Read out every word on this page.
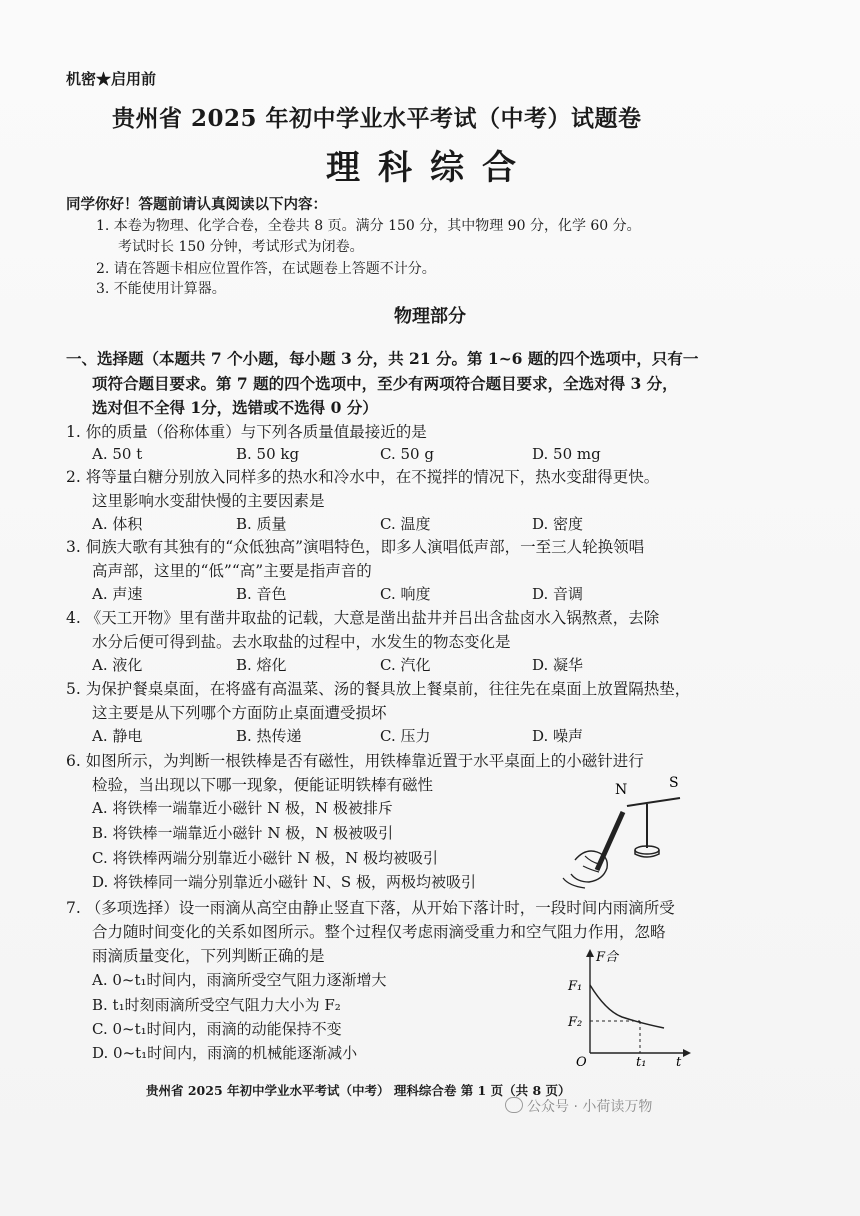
机密★启用前
贵州省 2025 年初中学业水平考试（中考）试题卷
理科综合
同学你好！答题前请认真阅读以下内容：
1. 本卷为物理、化学合卷，全卷共 8 页。满分 150 分，其中物理 90 分，化学 60 分。
考试时长 150 分钟，考试形式为闭卷。
2. 请在答题卡相应位置作答，在试题卷上答题不计分。
3. 不能使用计算器。
物理部分
一、选择题（本题共 7 个小题，每小题 3 分，共 21 分。第 1~6 题的四个选项中，只有一
项符合题目要求。第 7 题的四个选项中，至少有两项符合题目要求，全选对得 3 分，
选对但不全得 1分，选错或不选得 0 分）
1. 你的质量（俗称体重）与下列各质量值最接近的是
A. 50 t	B. 50 kg	C. 50 g	D. 50 mg
2. 将等量白糖分别放入同样多的热水和冷水中，在不搅拌的情况下，热水变甜得更快。
这里影响水变甜快慢的主要因素是
A. 体积	B. 质量	C. 温度	D. 密度
3. 侗族大歌有其独有的“众低独高”演唱特色，即多人演唱低声部，一至三人轮换领唱
高声部，这里的“低”“高”主要是指声音的
A. 声速	B. 音色	C. 响度	D. 音调
4. 《天工开物》里有凿井取盐的记载，大意是凿出盐井并吕出含盐卤水入锅熬煮，去除
水分后便可得到盐。去水取盐的过程中，水发生的物态变化是
A. 液化	B. 熔化	C. 汽化	D. 凝华
5. 为保护餐桌桌面，在将盛有高温菜、汤的餐具放上餐桌前，往往先在桌面上放置隔热垫，
这主要是从下列哪个方面防止桌面遭受损坏
A. 静电	B. 热传递	C. 压力	D. 噪声
6. 如图所示，为判断一根铁棒是否有磁性，用铁棒靠近置于水平桌面上的小磁针进行
检验，当出现以下哪一现象，便能证明铁棒有磁性
A. 将铁棒一端靠近小磁针 N 极，N 极被排斥
B. 将铁棒一端靠近小磁针 N 极，N 极被吸引
C. 将铁棒两端分别靠近小磁针 N 极，N 极均被吸引
D. 将铁棒同一端分别靠近小磁针 N、S 极，两极均被吸引
N	S
7. （多项选择）设一雨滴从高空由静止竖直下落，从开始下落计时，一段时间内雨滴所受
合力随时间变化的关系如图所示。整个过程仅考虑雨滴受重力和空气阻力作用，忽略
雨滴质量变化，下列判断正确的是
A. 0~t₁时间内，雨滴所受空气阻力逐渐增大
B. t₁时刻雨滴所受空气阻力大小为 F₂
C. 0~t₁时间内，雨滴的动能保持不变
D. 0~t₁时间内，雨滴的机械能逐渐减小
F合
F₁
F₂
O	t₁ t
贵州省 2025 年初中学业水平考试（中考） 理科综合卷 第 1 页（共 8 页）
公众号 · 小荷读万物
